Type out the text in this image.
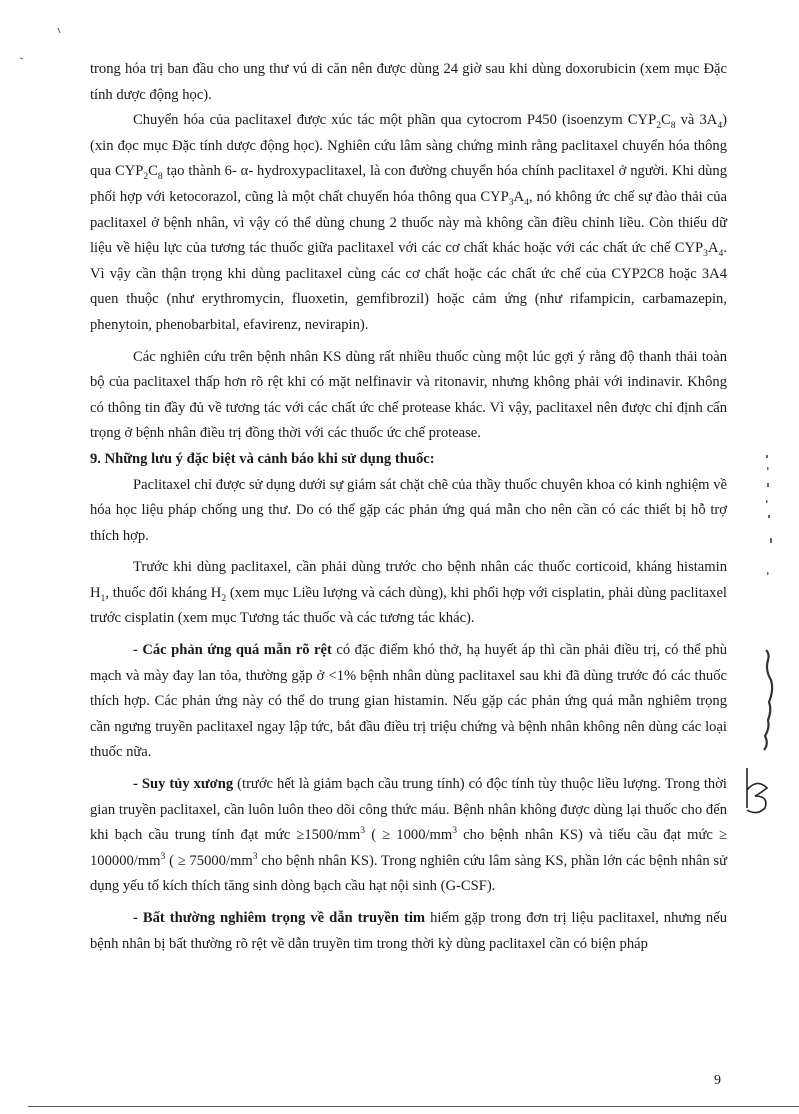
trong hóa trị ban đầu cho ung thư vú di căn nên được dùng 24 giờ sau khi dùng doxorubicin (xem mục Đặc tính dược động học).

Chuyển hóa của paclitaxel được xúc tác một phần qua cytocrom P450 (isoenzym $CYP_2C_8$ và $3A_4$) (xin đọc mục Đặc tính dược động học). Nghiên cứu lâm sàng chứng minh rằng paclitaxel chuyển hóa thông qua $CYP_2C_8$ tạo thành 6- α- hydroxypaclitaxel, là con đường chuyển hóa chính paclitaxel ở người. Khi dùng phối hợp với ketocorazol, cũng là một chất chuyển hóa thông qua $CYP_3A_4$, nó không ức chế sự đào thải của paclitaxel ở bệnh nhân, vì vậy có thể dùng chung 2 thuốc này mà không cần điều chỉnh liều. Còn thiếu dữ liệu về hiệu lực của tương tác thuốc giữa paclitaxel với các cơ chất khác hoặc với các chất ức chế $CYP_3A_4$. Vì vậy cần thận trọng khi dùng paclitaxel cùng các cơ chất hoặc các chất ức chế của CYP2C8 hoặc 3A4 quen thuộc (như erythromycin, fluoxetin, gemfibrozil) hoặc cảm ứng (như rifampicin, carbamazepin, phenytoin, phenobarbital, efavirenz, nevirapin).

Các nghiên cứu trên bệnh nhân KS dùng rất nhiều thuốc cùng một lúc gợi ý rằng độ thanh thải toàn bộ của paclitaxel thấp hơn rõ rệt khi có mặt nelfinavir và ritonavir, nhưng không phải với indinavir. Không có thông tin đầy đủ về tương tác với các chất ức chế protease khác. Vì vậy, paclitaxel nên được chỉ định cẩn trọng ở bệnh nhân điều trị đồng thời với các thuốc ức chế protease.

9. Những lưu ý đặc biệt và cảnh báo khi sử dụng thuốc:

Paclitaxel chỉ được sử dụng dưới sự giám sát chặt chẽ của thầy thuốc chuyên khoa có kinh nghiệm về hóa học liệu pháp chống ung thư. Do có thể gặp các phản ứng quá mẫn cho nên cần có các thiết bị hỗ trợ thích hợp.

Trước khi dùng paclitaxel, cần phải dùng trước cho bệnh nhân các thuốc corticoid, kháng histamin $H_1$, thuốc đối kháng $H_2$ (xem mục Liều lượng và cách dùng), khi phối hợp với cisplatin, phải dùng paclitaxel trước cisplatin (xem mục Tương tác thuốc và các tương tác khác).

- Các phản ứng quá mẫn rõ rệt có đặc điểm khó thở, hạ huyết áp thì cần phải điều trị, có thể phù mạch và mày đay lan tỏa, thường gặp ở <1% bệnh nhân dùng paclitaxel sau khi đã dùng trước đó các thuốc thích hợp. Các phản ứng này có thể do trung gian histamin. Nếu gặp các phản ứng quá mẫn nghiêm trọng cần ngưng truyền paclitaxel ngay lập tức, bắt đầu điều trị triệu chứng và bệnh nhân không nên dùng các loại thuốc nữa.

- Suy tủy xương (trước hết là giảm bạch cầu trung tính) có độc tính tùy thuộc liều lượng. Trong thời gian truyền paclitaxel, cần luôn luôn theo dõi công thức máu. Bệnh nhân không được dùng lại thuốc cho đến khi bạch cầu trung tính đạt mức $\ge 1500/mm^3$ ( ≥ $1000/mm^3$ cho bệnh nhân KS) và tiểu cầu đạt mức ≥ $100000/mm^3$ ( ≥ $75000/mm^3$ cho bệnh nhân KS). Trong nghiên cứu lâm sàng KS, phần lớn các bệnh nhân sử dụng yếu tố kích thích tăng sinh dòng bạch cầu hạt nội sinh (G-CSF).

- Bất thường nghiêm trọng về dẫn truyền tim hiếm gặp trong đơn trị liệu paclitaxel, nhưng nếu bệnh nhân bị bất thường rõ rệt về dẫn truyền tim trong thời kỳ dùng paclitaxel cần có biện pháp

9
